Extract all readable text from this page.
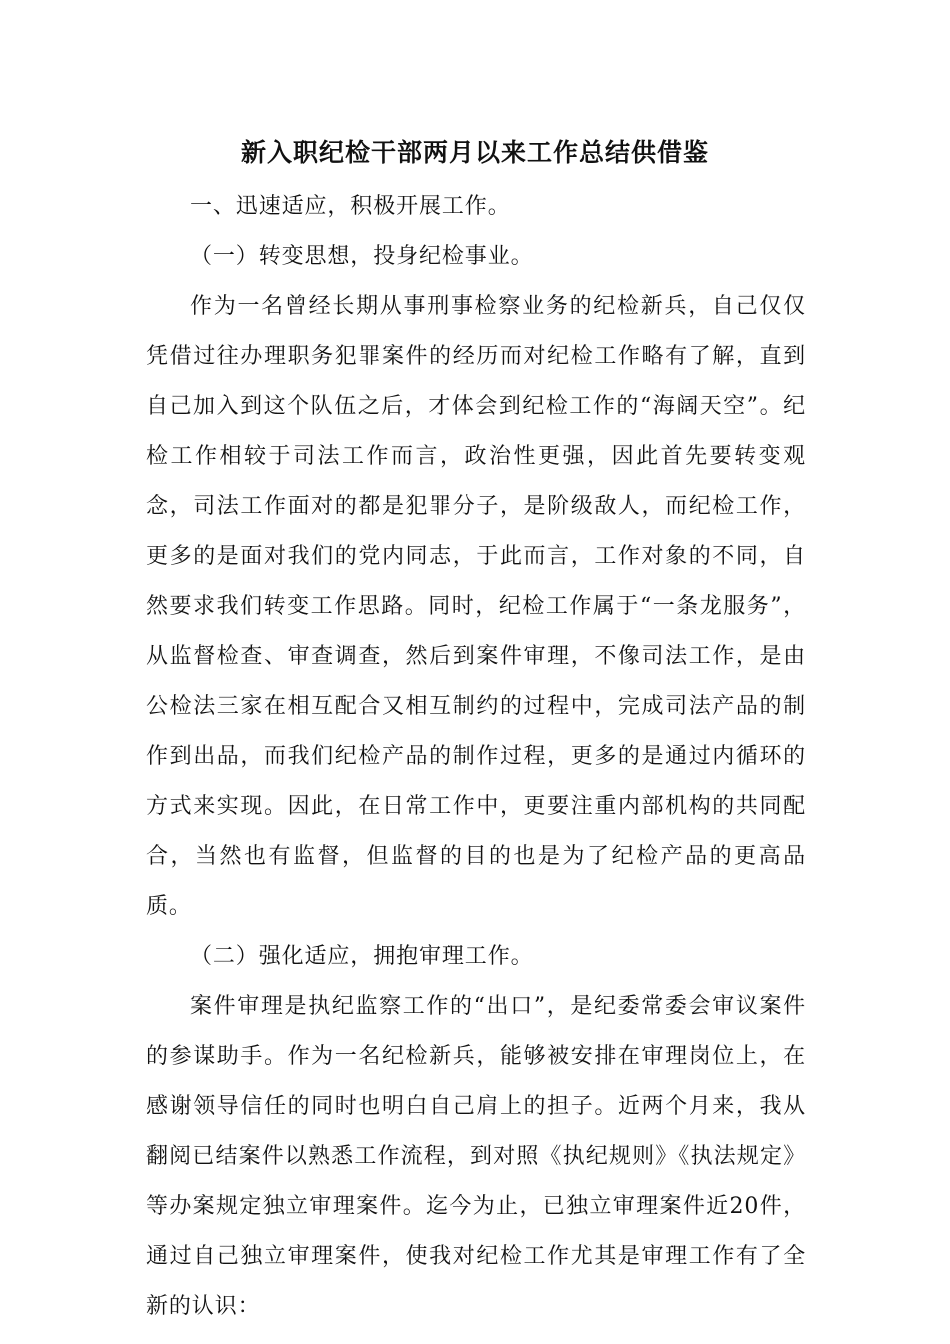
新入职纪检干部两月以来工作总结供借鉴

一、迅速适应，积极开展工作。

（一）转变思想，投身纪检事业。

作为一名曾经长期从事刑事检察业务的纪检新兵，自己仅仅凭借过往办理职务犯罪案件的经历而对纪检工作略有了解，直到自己加入到这个队伍之后，才体会到纪检工作的“海阔天空”。纪检工作相较于司法工作而言，政治性更强，因此首先要转变观念，司法工作面对的都是犯罪分子，是阶级敌人，而纪检工作，更多的是面对我们的党内同志，于此而言，工作对象的不同，自然要求我们转变工作思路。同时，纪检工作属于“一条龙服务”，从监督检查、审查调查，然后到案件审理，不像司法工作，是由公检法三家在相互配合又相互制约的过程中，完成司法产品的制作到出品，而我们纪检产品的制作过程，更多的是通过内循环的方式来实现。因此，在日常工作中，更要注重内部机构的共同配合，当然也有监督，但监督的目的也是为了纪检产品的更高品质。

（二）强化适应，拥抱审理工作。

案件审理是执纪监察工作的“出口”，是纪委常委会审议案件的参谋助手。作为一名纪检新兵，能够被安排在审理岗位上，在感谢领导信任的同时也明白自己肩上的担子。近两个月来，我从翻阅已结案件以熟悉工作流程，到对照《执纪规则》《执法规定》等办案规定独立审理案件。迄今为止，已独立审理案件近20件，通过自己独立审理案件，使我对纪检工作尤其是审理工作有了全新的认识：
